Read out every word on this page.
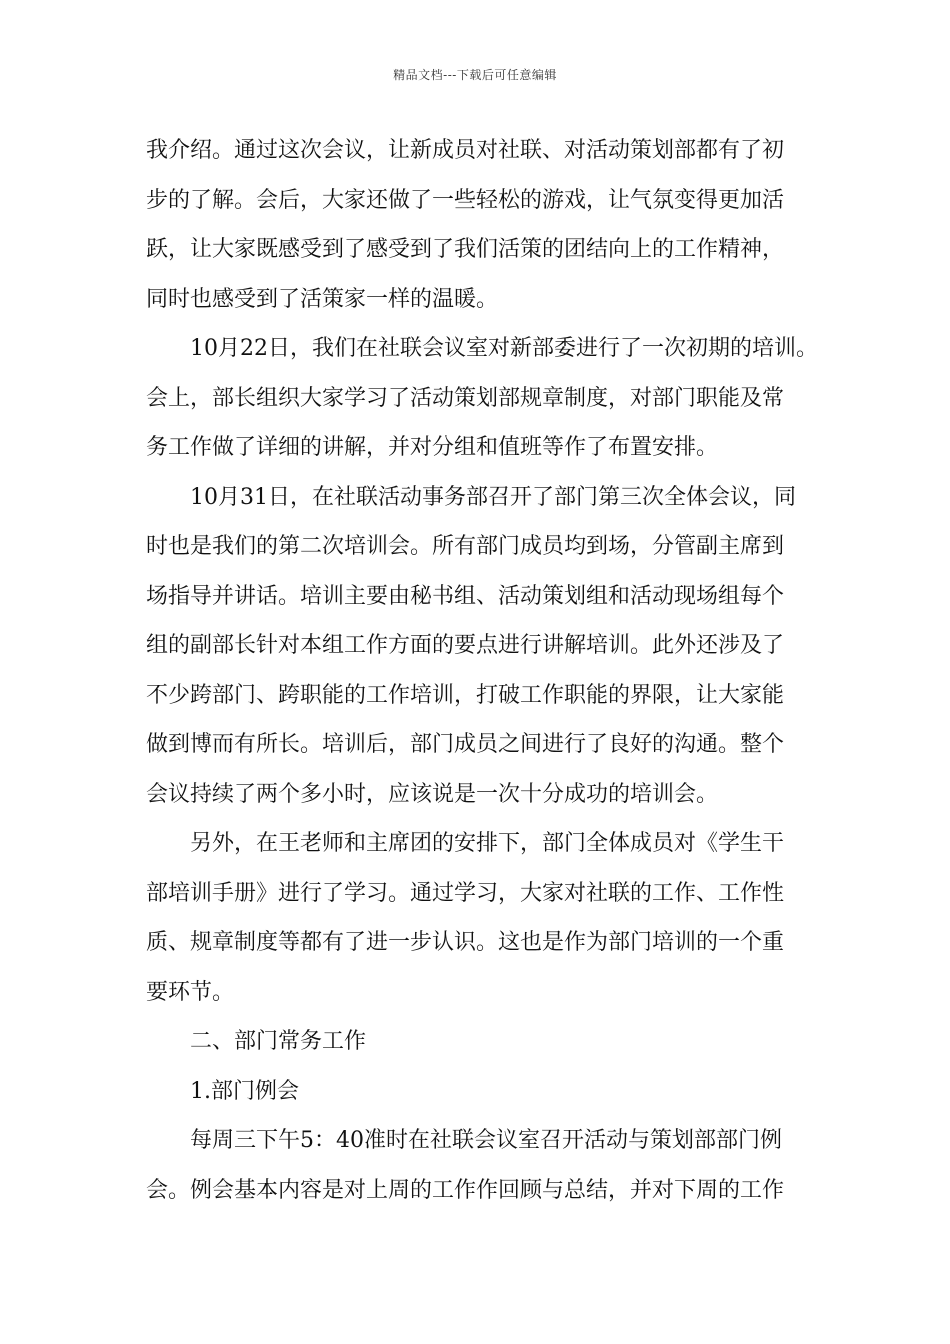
精品文档---下载后可任意编辑

我介绍。通过这次会议，让新成员对社联、对活动策划部都有了初
步的了解。会后，大家还做了一些轻松的游戏，让气氛变得更加活
跃，让大家既感受到了感受到了我们活策的团结向上的工作精神，
同时也感受到了活策家一样的温暖。

10月22日，我们在社联会议室对新部委进行了一次初期的培训。
会上，部长组织大家学习了活动策划部规章制度，对部门职能及常
务工作做了详细的讲解，并对分组和值班等作了布置安排。

10月31日，在社联活动事务部召开了部门第三次全体会议，同
时也是我们的第二次培训会。所有部门成员均到场，分管副主席到
场指导并讲话。培训主要由秘书组、活动策划组和活动现场组每个
组的副部长针对本组工作方面的要点进行讲解培训。此外还涉及了
不少跨部门、跨职能的工作培训，打破工作职能的界限，让大家能
做到博而有所长。培训后，部门成员之间进行了良好的沟通。整个
会议持续了两个多小时，应该说是一次十分成功的培训会。

另外，在王老师和主席团的安排下，部门全体成员对《学生干
部培训手册》进行了学习。通过学习，大家对社联的工作、工作性
质、规章制度等都有了进一步认识。这也是作为部门培训的一个重
要环节。

二、部门常务工作

1.部门例会

每周三下午5：40准时在社联会议室召开活动与策划部部门例
会。例会基本内容是对上周的工作作回顾与总结，并对下周的工作
